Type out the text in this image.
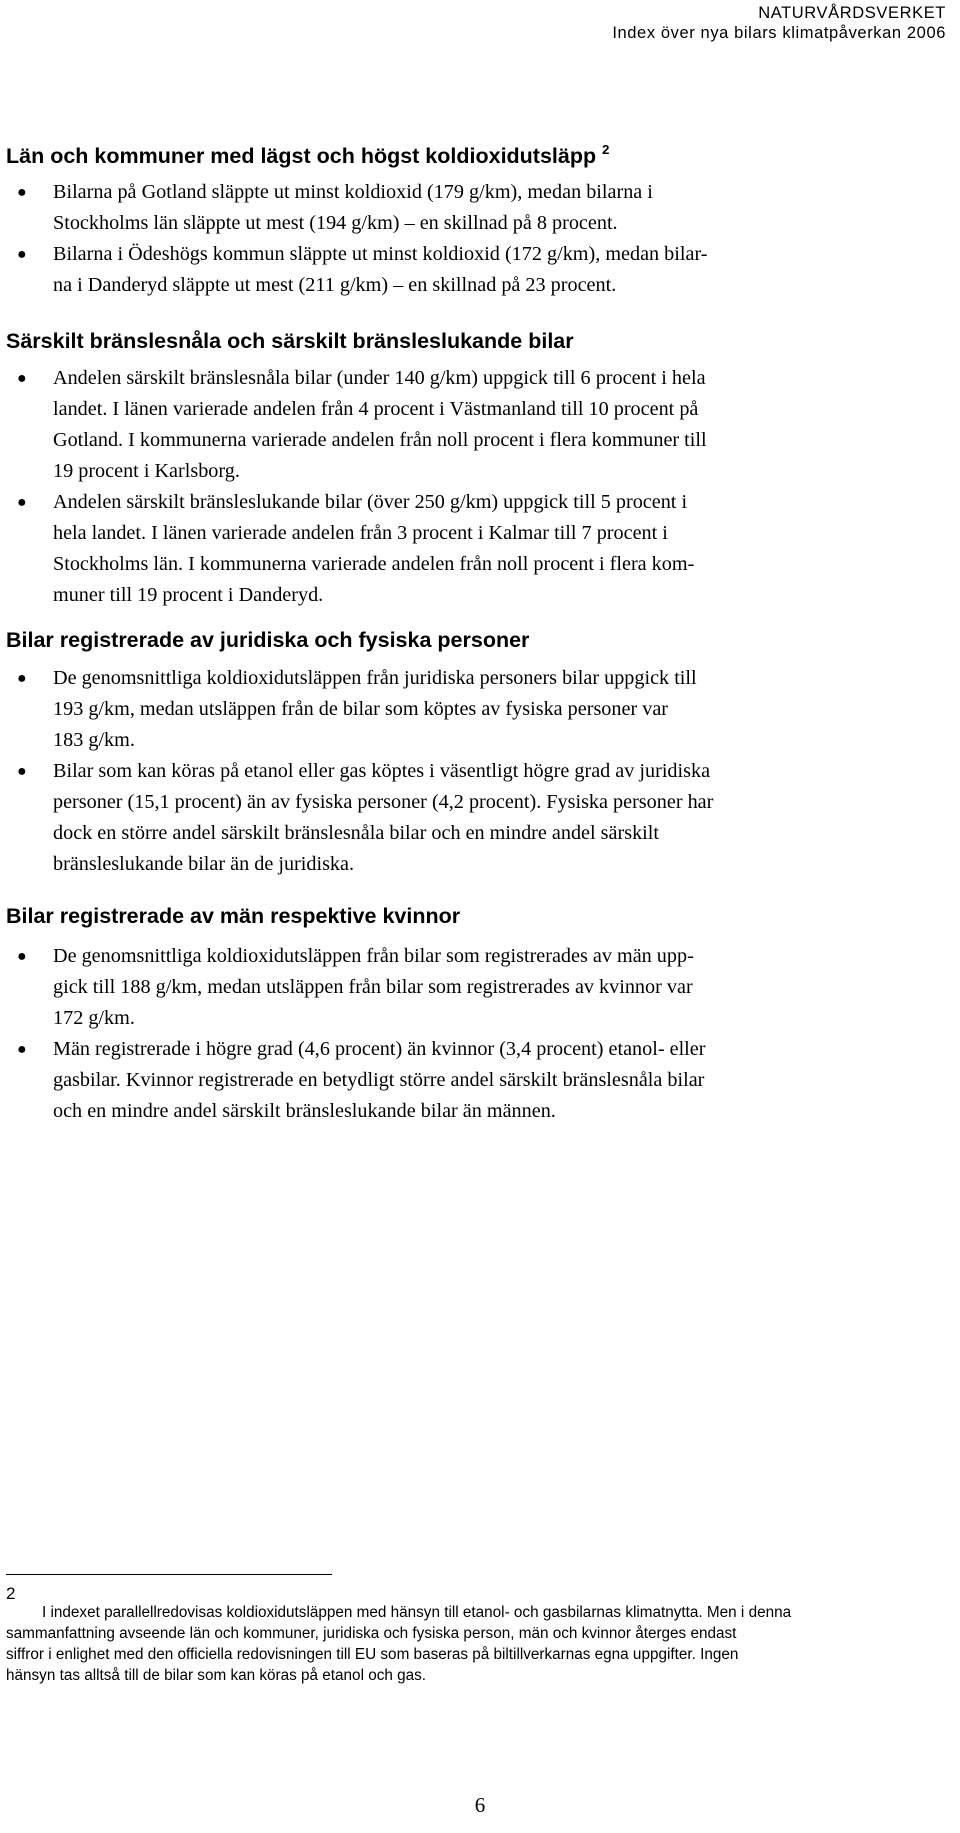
NATURVÅRDSVERKET
Index över nya bilars klimatpåverkan 2006
Län och kommuner med lägst och högst koldioxidutsläpp $^2$
● Bilarna på Gotland släppte ut minst koldioxid (179 g/km), medan bilarna i
Stockholms län släppte ut mest (194 g/km) – en skillnad på 8 procent.
● Bilarna i Ödeshögs kommun släppte ut minst koldioxid (172 g/km), medan bilar-
na i Danderyd släppte ut mest (211 g/km) – en skillnad på 23 procent.
Särskilt bränslesnåla och särskilt bränsleslukande bilar
● Andelen särskilt bränslesnåla bilar (under 140 g/km) uppgick till 6 procent i hela
landet. I länen varierade andelen från 4 procent i Västmanland till 10 procent på
Gotland. I kommunerna varierade andelen från noll procent i flera kommuner till
19 procent i Karlsborg.
● Andelen särskilt bränsleslukande bilar (över 250 g/km) uppgick till 5 procent i
hela landet. I länen varierade andelen från 3 procent i Kalmar till 7 procent i
Stockholms län. I kommunerna varierade andelen från noll procent i flera kom-
muner till 19 procent i Danderyd.
Bilar registrerade av juridiska och fysiska personer
● De genomsnittliga koldioxidutsläppen från juridiska personers bilar uppgick till
193 g/km, medan utsläppen från de bilar som köptes av fysiska personer var
183 g/km.
● Bilar som kan köras på etanol eller gas köptes i väsentligt högre grad av juridiska
personer (15,1 procent) än av fysiska personer (4,2 procent). Fysiska personer har
dock en större andel särskilt bränslesnåla bilar och en mindre andel särskilt
bränsleslukande bilar än de juridiska.
Bilar registrerade av män respektive kvinnor
● De genomsnittliga koldioxidutsläppen från bilar som registrerades av män upp-
gick till 188 g/km, medan utsläppen från bilar som registrerades av kvinnor var
172 g/km.
● Män registrerade i högre grad (4,6 procent) än kvinnor (3,4 procent) etanol- eller
gasbilar. Kvinnor registrerade en betydligt större andel särskilt bränslesnåla bilar
och en mindre andel särskilt bränsleslukande bilar än männen.
2
I indexet parallellredovisas koldioxidutsläppen med hänsyn till etanol- och gasbilarnas klimatnytta. Men i denna
sammanfattning avseende län och kommuner, juridiska och fysiska person, män och kvinnor återges endast
siffror i enlighet med den officiella redovisningen till EU som baseras på biltillverkarnas egna uppgifter. Ingen
hänsyn tas alltså till de bilar som kan köras på etanol och gas.
6
